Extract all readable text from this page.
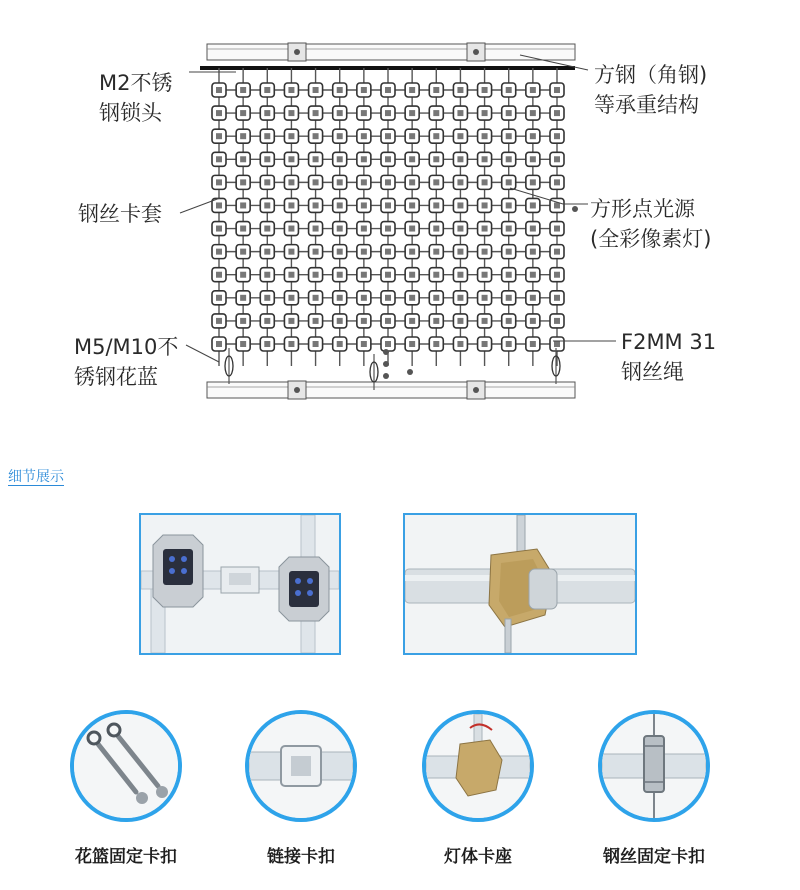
M2不锈
钢锁头
钢丝卡套
M5/M10不
锈钢花蓝
方钢（角钢)
等承重结构
方形点光源
(全彩像素灯)
F2MM 31
钢丝绳
细节展示
花篮固定卡扣	链接卡扣	灯体卡座	钢丝固定卡扣
